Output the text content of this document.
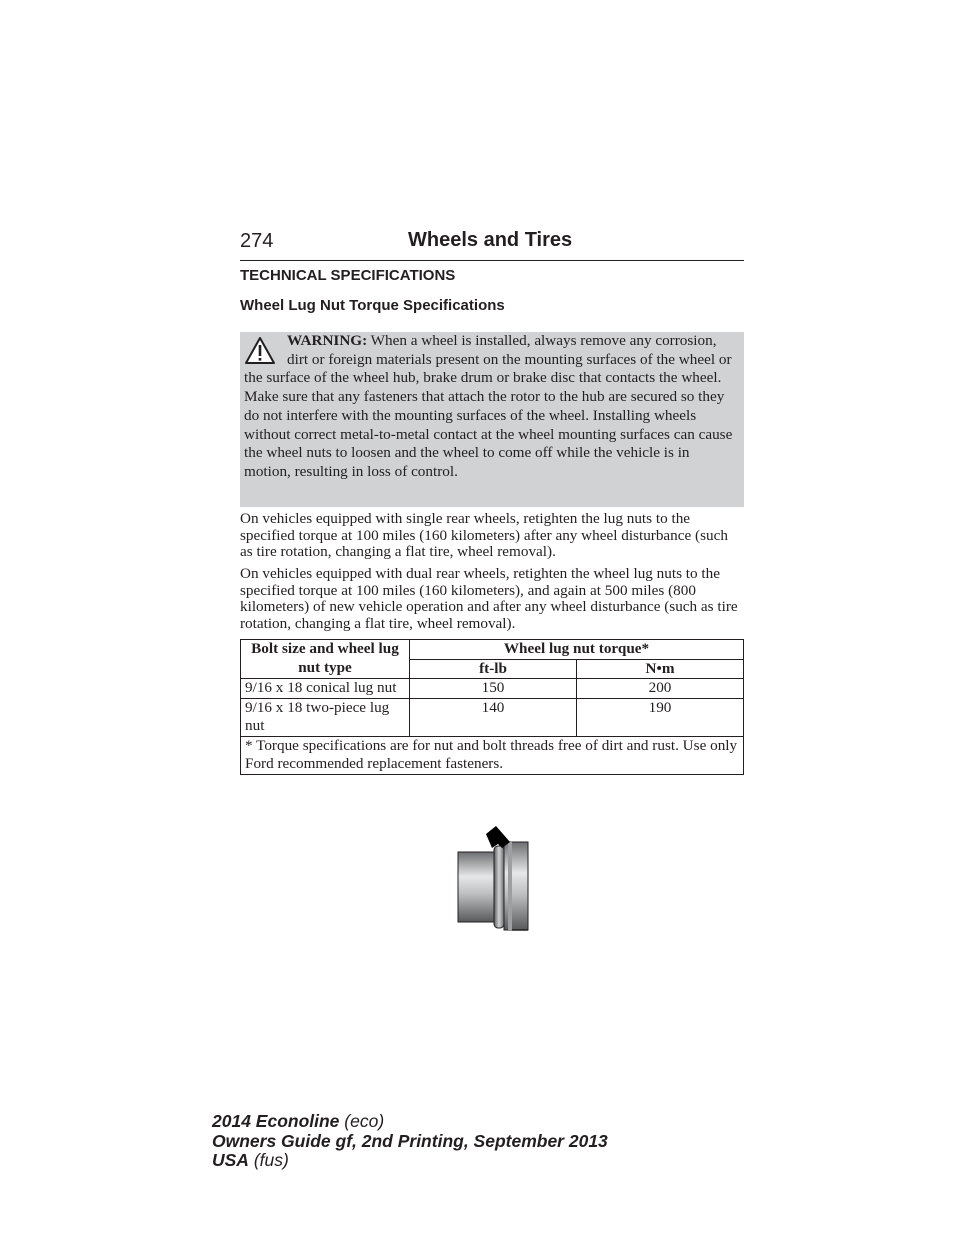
274	Wheels and Tires
TECHNICAL SPECIFICATIONS
Wheel Lug Nut Torque Specifications

WARNING: When a wheel is installed, always remove any corrosion, dirt or foreign materials present on the mounting surfaces of the wheel or the surface of the wheel hub, brake drum or brake disc that contacts the wheel. Make sure that any fasteners that attach the rotor to the hub are secured so they do not interfere with the mounting surfaces of the wheel. Installing wheels without correct metal-to-metal contact at the wheel mounting surfaces can cause the wheel nuts to loosen and the wheel to come off while the vehicle is in motion, resulting in loss of control.

On vehicles equipped with single rear wheels, retighten the lug nuts to the specified torque at 100 miles (160 kilometers) after any wheel disturbance (such as tire rotation, changing a flat tire, wheel removal).

On vehicles equipped with dual rear wheels, retighten the wheel lug nuts to the specified torque at 100 miles (160 kilometers), and again at 500 miles (800 kilometers) of new vehicle operation and after any wheel disturbance (such as tire rotation, changing a flat tire, wheel removal).

Bolt size and wheel lug nut type	Wheel lug nut torque*	
	ft-lb	N•m
9/16 x 18 conical lug nut	150	200
9/16 x 18 two-piece lug nut	140	190
* Torque specifications are for nut and bolt threads free of dirt and rust. Use only Ford recommended replacement fasteners.		
2014 Econoline (eco)
Owners Guide gf, 2nd Printing, September 2013
USA (fus)
